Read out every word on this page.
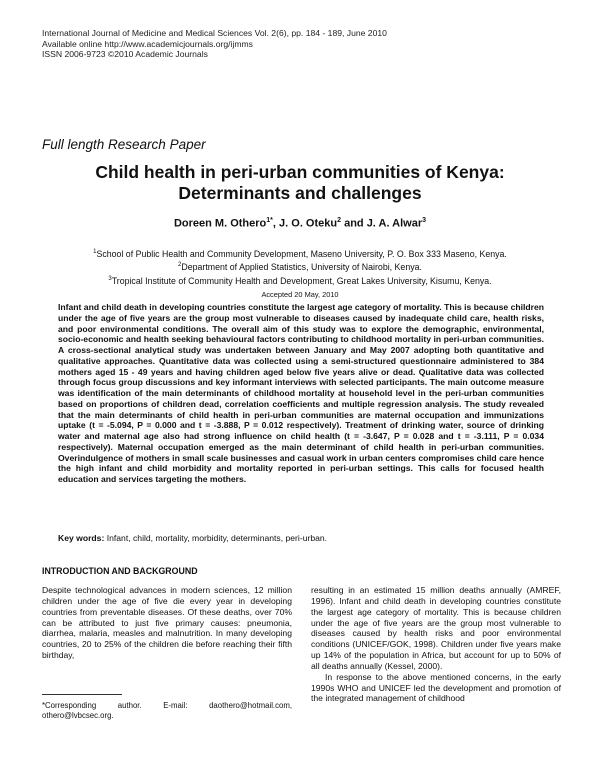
International Journal of Medicine and Medical Sciences Vol. 2(6), pp. 184 - 189, June 2010
Available online http://www.academicjournals.org/ijmms
ISSN 2006-9723 ©2010 Academic Journals
Full length Research Paper
Child health in peri-urban communities of Kenya:
Determinants and challenges
Doreen M. Othero$^{1*}$, J. O. Oteku$^2$ and J. A. Alwar$^3$
$^1$School of Public Health and Community Development, Maseno University, P. O. Box 333 Maseno, Kenya.
$^2$Department of Applied Statistics, University of Nairobi, Kenya.
$^3$Tropical Institute of Community Health and Development, Great Lakes University, Kisumu, Kenya.
Accepted 20 May, 2010
Infant and child death in developing countries constitute the largest age category of mortality. This is because children under the age of five years are the group most vulnerable to diseases caused by inadequate child care, health risks, and poor environmental conditions. The overall aim of this study was to explore the demographic, environmental, socio-economic and health seeking behavioural factors contributing to childhood mortality in peri-urban communities. A cross-sectional analytical study was undertaken between January and May 2007 adopting both quantitative and qualitative approaches. Quantitative data was collected using a semi-structured questionnaire administered to 384 mothers aged 15 - 49 years and having children aged below five years alive or dead. Qualitative data was collected through focus group discussions and key informant interviews with selected participants. The main outcome measure was identification of the main determinants of childhood mortality at household level in the peri-urban communities based on proportions of children dead, correlation coefficients and multiple regression analysis. The study revealed that the main determinants of child health in peri-urban communities are maternal occupation and immunizations uptake (t = -5.094, P = 0.000 and t = -3.888, P = 0.012 respectively). Treatment of drinking water, source of drinking water and maternal age also had strong influence on child health (t = -3.647, P = 0.028 and t = -3.111, P = 0.034 respectively). Maternal occupation emerged as the main determinant of child health in peri-urban communities. Overindulgence of mothers in small scale businesses and casual work in urban centers compromises child care hence the high infant and child morbidity and mortality reported in peri-urban settings. This calls for focused health education and services targeting the mothers.
Key words: Infant, child, mortality, morbidity, determinants, peri-urban.
INTRODUCTION AND BACKGROUND
Despite technological advances in modern sciences, 12 million children under the age of five die every year in developing countries from preventable diseases. Of these deaths, over 70% can be attributed to just five primary causes: pneumonia, diarrhea, malaria, measles and malnutrition. In many developing countries, 20 to 25% of the children die before reaching their fifth birthday,

resulting in an estimated 15 million deaths annually (AMREF, 1996). Infant and child death in developing countries constitute the largest age category of mortality. This is because children under the age of five years are the group most vulnerable to diseases caused by health risks and poor environmental conditions (UNICEF/GOK, 1998). Children under five years make up 14% of the population in Africa, but account for up to 50% of all deaths annually (Kessel, 2000).

In response to the above mentioned concerns, in the early 1990s WHO and UNICEF led the development and promotion of the integrated management of childhood

*Corresponding	author.	E-mail:	daothero@hotmail.com,
othero@lvbcsec.org.
